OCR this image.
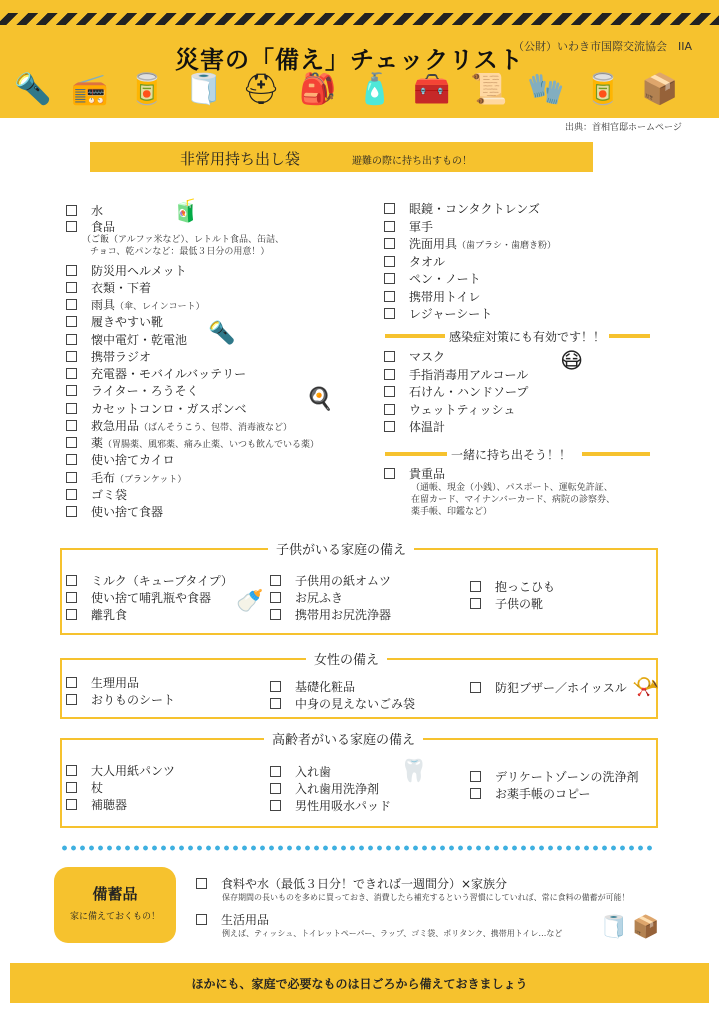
災害の「備え」チェックリスト
（公財）いわき市国際交流協会　IIA
🔦 📻 🥫 🧻 ⛑ 🎒 🧴 🧰 📜 🧤 🥫 📦
出典：首相官邸ホームページ
非常用持ち出し袋	避難の際に持ち出すもの！
水
食品
防災用ヘルメット
衣類・下着
雨具（傘、レインコート）
履きやすい靴
懐中電灯・乾電池
携帯ラジオ
充電器・モバイルバッテリー
ライター・ろうそく
カセットコンロ・ガスボンベ
救急用品（ばんそうこう、包帯、消毒液など）
薬（胃腸薬、風邪薬、痛み止薬、いつも飲んでいる薬）
使い捨てカイロ
毛布（ブランケット）
ゴミ袋
使い捨て食器
（ご飯（アルファ米など）、レトルト食品、缶詰、
チョコ、乾パンなど：最低３日分の用意！）
眼鏡・コンタクトレンズ
軍手
洗面用具（歯ブラシ・歯磨き粉）
タオル
ペン・ノート
携帯用トイレ
レジャーシート
感染症対策にも有効です！！
マスク
手指消毒用アルコール
石けん・ハンドソープ
ウェットティッシュ
体温計
一緒に持ち出そう！！
貴重品
（通帳、現金（小銭）、パスポート、運転免許証、
在留カード、マイナンバーカード、病院の診察券、
薬手帳、印鑑など）
子供がいる家庭の備え
ミルク（キューブタイプ）
使い捨て哺乳瓶や食器
離乳食
子供用の紙オムツ
お尻ふき
携帯用お尻洗浄器
抱っこひも
子供の靴
女性の備え
生理用品
おりものシート
基礎化粧品
中身の見えないごみ袋
防犯ブザー／ホイッスル
高齢者がいる家庭の備え
大人用紙パンツ
杖
補聴器
入れ歯
入れ歯用洗浄剤
男性用吸水パッド
デリケートゾーンの洗浄剤
お薬手帳のコピー
🧃
🔦
🍳
😷
🍼
📯
🦷
備蓄品
家に備えておくもの！
食料や水（最低３日分！できれば一週間分）×家族分
保存期間の長いものを多めに買っておき、消費したら補充するという習慣にしていれば、常に食料の備蓄が可能！
生活用品
例えば、ティッシュ、トイレットペーパー、ラップ、ゴミ袋、ポリタンク、携帯用トイレ…など 🧻 📦
ほかにも、家庭で必要なものは日ごろから備えておきましょう
